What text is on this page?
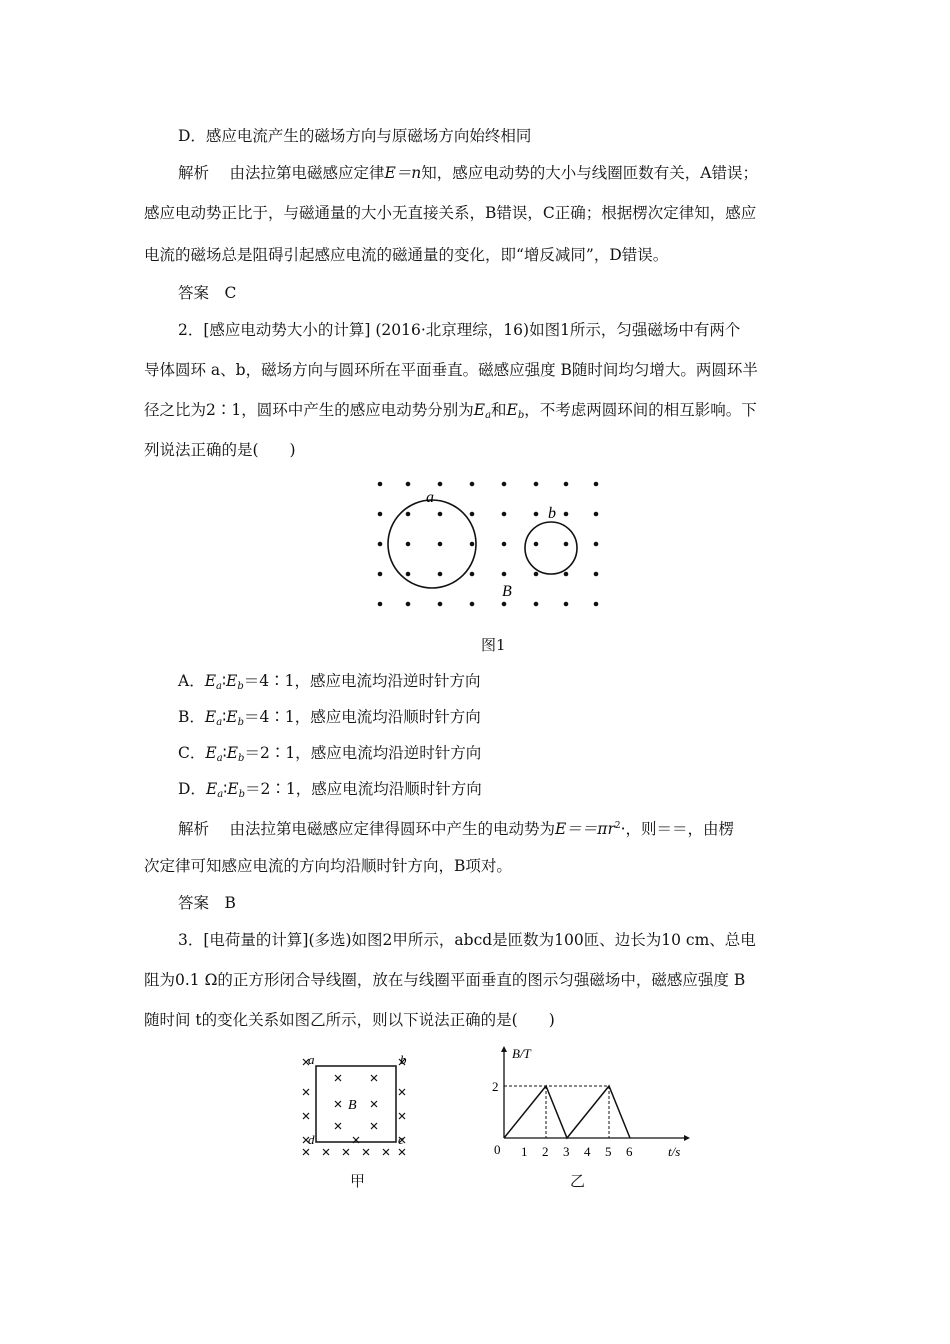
D．感应电流产生的磁场方向与原磁场方向始终相同
解析　 由法拉第电磁感应定律E＝n知，感应电动势的大小与线圈匝数有关，A错误；
感应电动势正比于，与磁通量的大小无直接关系，B错误，C正确；根据楞次定律知，感应
电流的磁场总是阻碍引起感应电流的磁通量的变化，即“增反减同”，D错误。
答案　 C
2．[感应电动势大小的计算] (2016·北京理综，16)如图1所示，匀强磁场中有两个
导体圆环 a、b，磁场方向与圆环所在平面垂直。磁感应强度 B随时间均匀增大。两圆环半
径之比为2∶1，圆环中产生的感应电动势分别为$E_a$和$E_b$，不考虑两圆环间的相互影响。下
列说法正确的是(　　)
a
b
B
图1
A．$E_a∶E_b=4∶1$，感应电流均沿逆时针方向
B．$E_a∶E_b=4∶1$，感应电流均沿顺时针方向
C．$E_a∶E_b=2∶1$，感应电流均沿逆时针方向
D．$E_a∶E_b=2∶1$，感应电流均沿顺时针方向
解析　 由法拉第电磁感应定律得圆环中产生的电动势为$E==\pi r^2\cdot$，则＝＝，由楞
次定律可知感应电流的方向均沿顺时针方向，B项对。
答案　 B
3．[电荷量的计算](多选)如图2甲所示，abcd是匝数为100匝、边长为10 cm、总电
阻为0.1 Ω的正方形闭合导线圈，放在与线圈平面垂直的图示匀强磁场中，磁感应强度 B
随时间 t的变化关系如图乙所示，则以下说法正确的是(　　)
a	b
c
d
B
甲
B/T
t/s
0 1 2 3 4 5 6
2
乙
